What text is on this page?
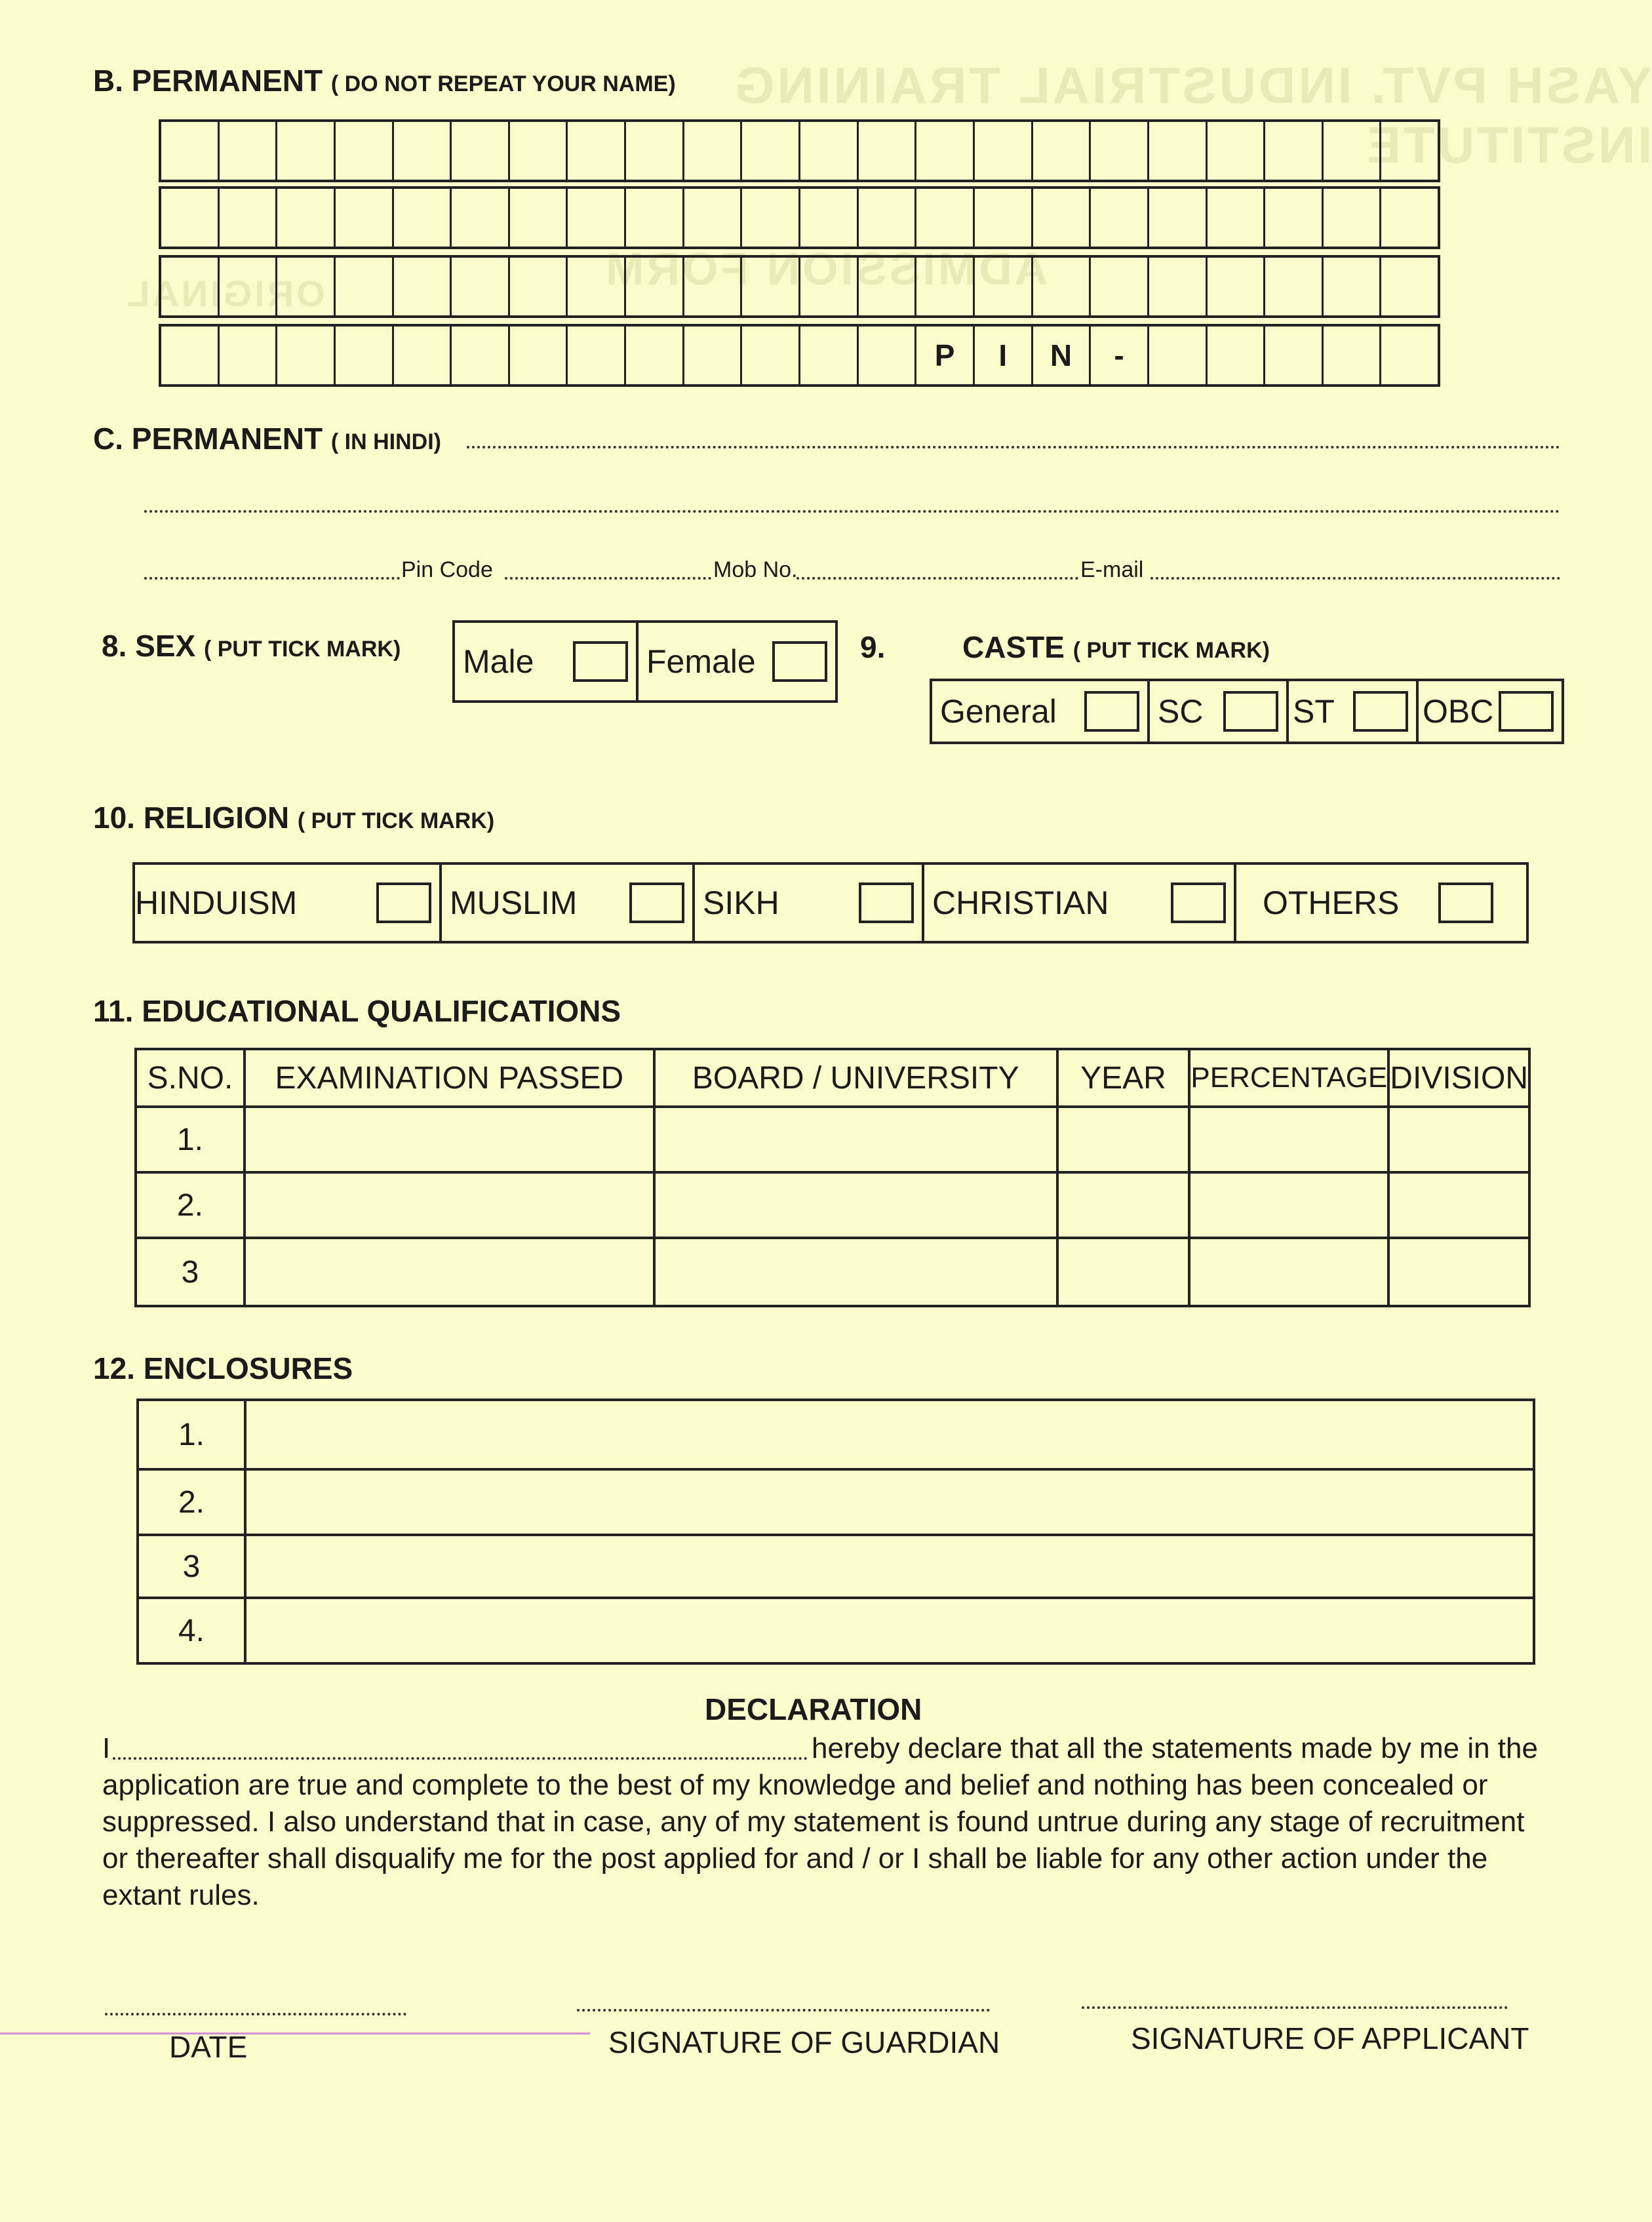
YASH PVT. INDUSTRIAL TRAINING INSTITUTE
ADMISSION FORM
ORIGINAL
B. PERMANENT ( DO NOT REPEAT YOUR NAME)
P	I	N	-
C. PERMANENT ( IN HINDI)
Pin Code	Mob No.	E-mail
8. SEX ( PUT TICK MARK) Male	Female	9.	CASTE ( PUT TICK MARK)
General	SC	ST	OBC
10. RELIGION ( PUT TICK MARK)
HINDUISM	MUSLIM	SIKH	CHRISTIAN	OTHERS
11. EDUCATIONAL QUALIFICATIONS
S.NO.	EXAMINATION PASSED	BOARD / UNIVERSITY	YEAR	PERCENTAGE	DIVISION
1.					
2.					
3					
12. ENCLOSURES
1.	
2.	
3	
4.	
DECLARATION
I	hereby declare that all the statements made by me in the
application are true and complete to the best of my knowledge and belief and nothing has been concealed or
suppressed. I also understand that in case, any of my statement is found untrue during any stage of recruitment
or thereafter shall disqualify me for the post applied for and / or I shall be liable for any other action under the
extant rules.
DATE	SIGNATURE OF GUARDIAN	SIGNATURE OF APPLICANT
